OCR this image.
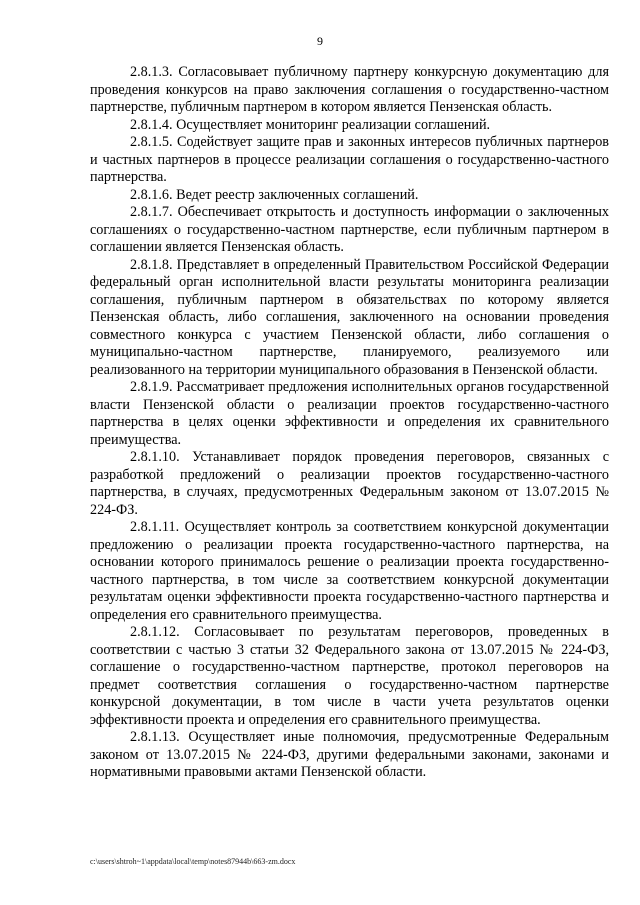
9

2.8.1.3. Согласовывает публичному партнеру конкурсную документацию для проведения конкурсов на право заключения соглашения о государственно-частном партнерстве, публичным партнером в котором является Пензенская область.

2.8.1.4. Осуществляет мониторинг реализации соглашений.

2.8.1.5. Содействует защите прав и законных интересов публичных партнеров и частных партнеров в процессе реализации соглашения о государственно-частного партнерства.

2.8.1.6. Ведет реестр заключенных соглашений.

2.8.1.7. Обеспечивает открытость и доступность информации о заключенных соглашениях о государственно-частном партнерстве, если публичным партнером в соглашении является Пензенская область.

2.8.1.8. Представляет в определенный Правительством Российской Федерации федеральный орган исполнительной власти результаты мониторинга реализации соглашения, публичным партнером в обязательствах по которому является Пензенская область, либо соглашения, заключенного на основании проведения совместного конкурса с участием Пензенской области, либо соглашения о муниципально-частном партнерстве, планируемого, реализуемого или реализованного на территории муниципального образования в Пензенской области.

2.8.1.9. Рассматривает предложения исполнительных органов государственной власти Пензенской области о реализации проектов государственно-частного партнерства в целях оценки эффективности и определения их сравнительного преимущества.

2.8.1.10. Устанавливает порядок проведения переговоров, связанных с разработкой предложений о реализации проектов государственно-частного партнерства, в случаях, предусмотренных Федеральным законом от 13.07.2015 № 224-ФЗ.

2.8.1.11. Осуществляет контроль за соответствием конкурсной документации предложению о реализации проекта государственно-частного партнерства, на основании которого принималось решение о реализации проекта государственно-частного партнерства, в том числе за соответствием конкурсной документации результатам оценки эффективности проекта государственно-частного партнерства и определения его сравнительного преимущества.

2.8.1.12. Согласовывает по результатам переговоров, проведенных в соответствии с частью 3 статьи 32 Федерального закона от 13.07.2015 № 224-ФЗ, соглашение о государственно-частном партнерстве, протокол переговоров на предмет соответствия соглашения о государственно-частном партнерстве конкурсной документации, в том числе в части учета результатов оценки эффективности проекта и определения его сравнительного преимущества.

2.8.1.13. Осуществляет иные полномочия, предусмотренные Федеральным законом от 13.07.2015 № 224-ФЗ, другими федеральными законами, законами и нормативными правовыми актами Пензенской области.

c:\users\shtroh~1\appdata\local\temp\notes87944b\663-zm.docx
